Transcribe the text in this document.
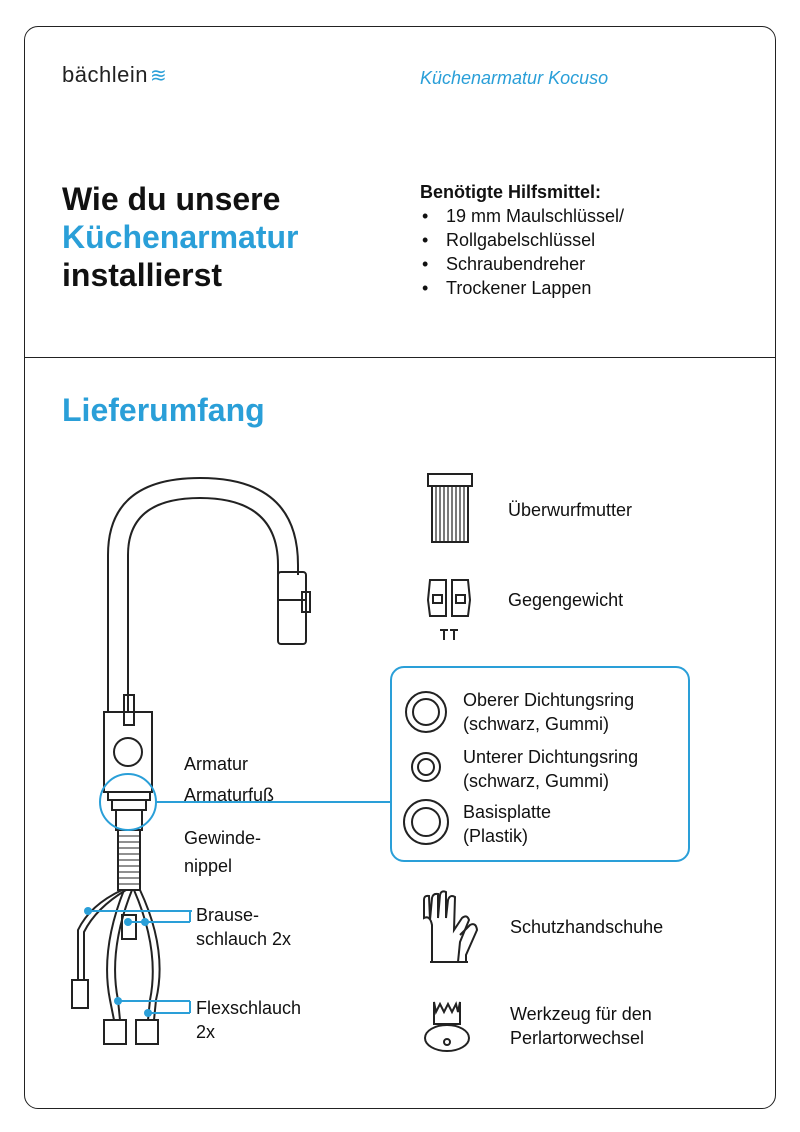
bächlein ≋	Küchenarmatur Kocuso
Wie du unsere
Küchenarmatur
installierst
Benötigte Hilfsmittel:
• 19 mm Maulschlüssel/
• Rollgabelschlüssel
• Schraubendreher
• Trockener Lappen
Lieferumfang
Armatur
Armaturfuß
Gewinde-
nippel
Brause-
schlauch 2x
Flexschlauch
2x
Überwurfmutter
Gegengewicht
Oberer Dichtungsring
(schwarz, Gummi)
Unterer Dichtungsring
(schwarz, Gummi)
Basisplatte
(Plastik)
Schutzhandschuhe
Werkzeug für den
Perlartorwechsel
